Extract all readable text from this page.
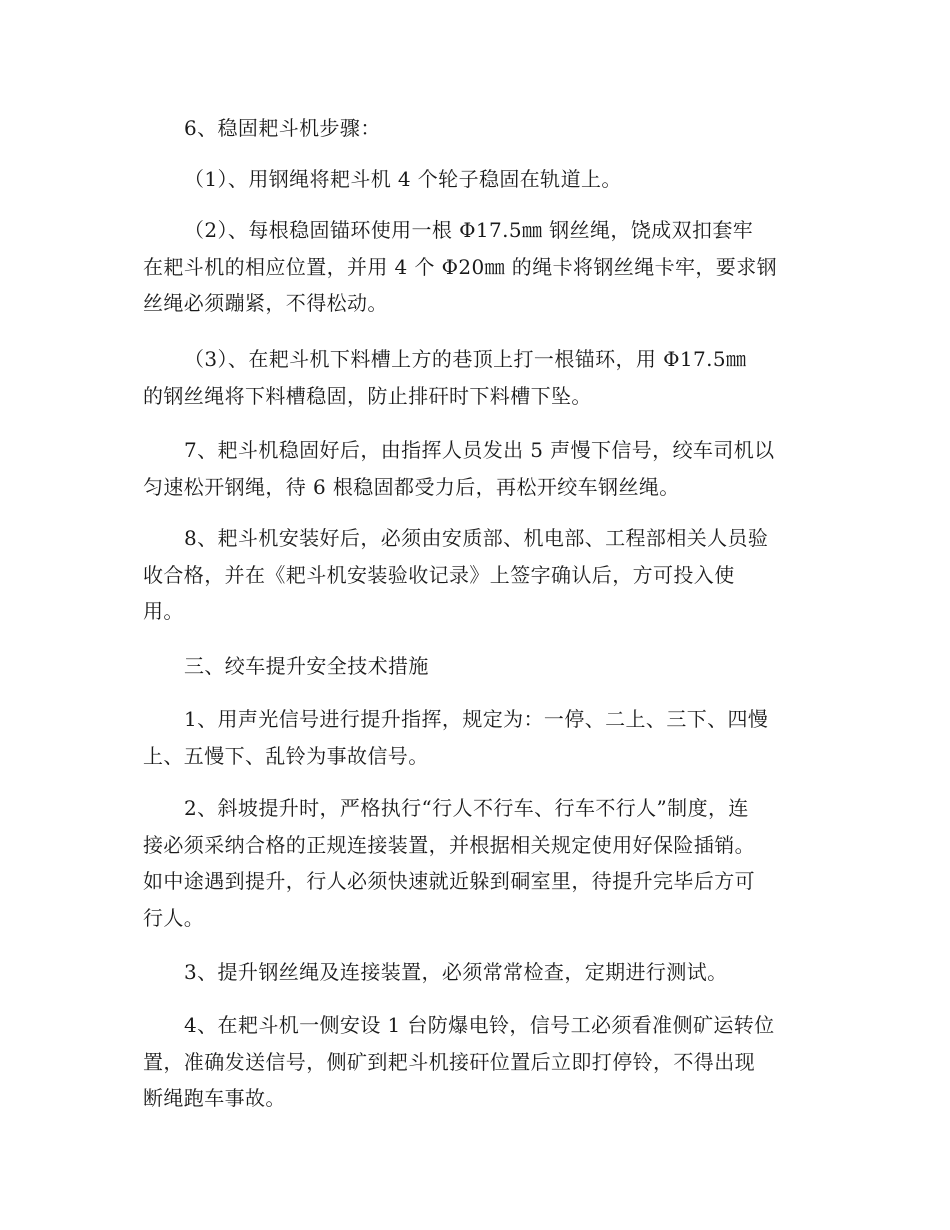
6、稳固耙斗机步骤：
（1）、用钢绳将耙斗机 4 个轮子稳固在轨道上。
（2）、每根稳固锚环使用一根 Φ17.5㎜ 钢丝绳，饶成双扣套牢
在耙斗机的相应位置，并用 4 个 Φ20㎜ 的绳卡将钢丝绳卡牢，要求钢
丝绳必须蹦紧，不得松动。
（3）、在耙斗机下料槽上方的巷顶上打一根锚环，用 Φ17.5㎜
的钢丝绳将下料槽稳固，防止排矸时下料槽下坠。
7、耙斗机稳固好后，由指挥人员发出 5 声慢下信号，绞车司机以
匀速松开钢绳，待 6 根稳固都受力后，再松开绞车钢丝绳。
8、耙斗机安装好后，必须由安质部、机电部、工程部相关人员验
收合格，并在《耙斗机安装验收记录》上签字确认后，方可投入使
用。
三、绞车提升安全技术措施
1、用声光信号进行提升指挥，规定为：一停、二上、三下、四慢
上、五慢下、乱铃为事故信号。
2、斜坡提升时，严格执行“行人不行车、行车不行人”制度，连
接必须采纳合格的正规连接装置，并根据相关规定使用好保险插销。
如中途遇到提升，行人必须快速就近躲到硐室里，待提升完毕后方可
行人。
3、提升钢丝绳及连接装置，必须常常检查，定期进行测试。
4、在耙斗机一侧安设 1 台防爆电铃，信号工必须看准侧矿运转位
置，准确发送信号，侧矿到耙斗机接矸位置后立即打停铃，不得出现
断绳跑车事故。
